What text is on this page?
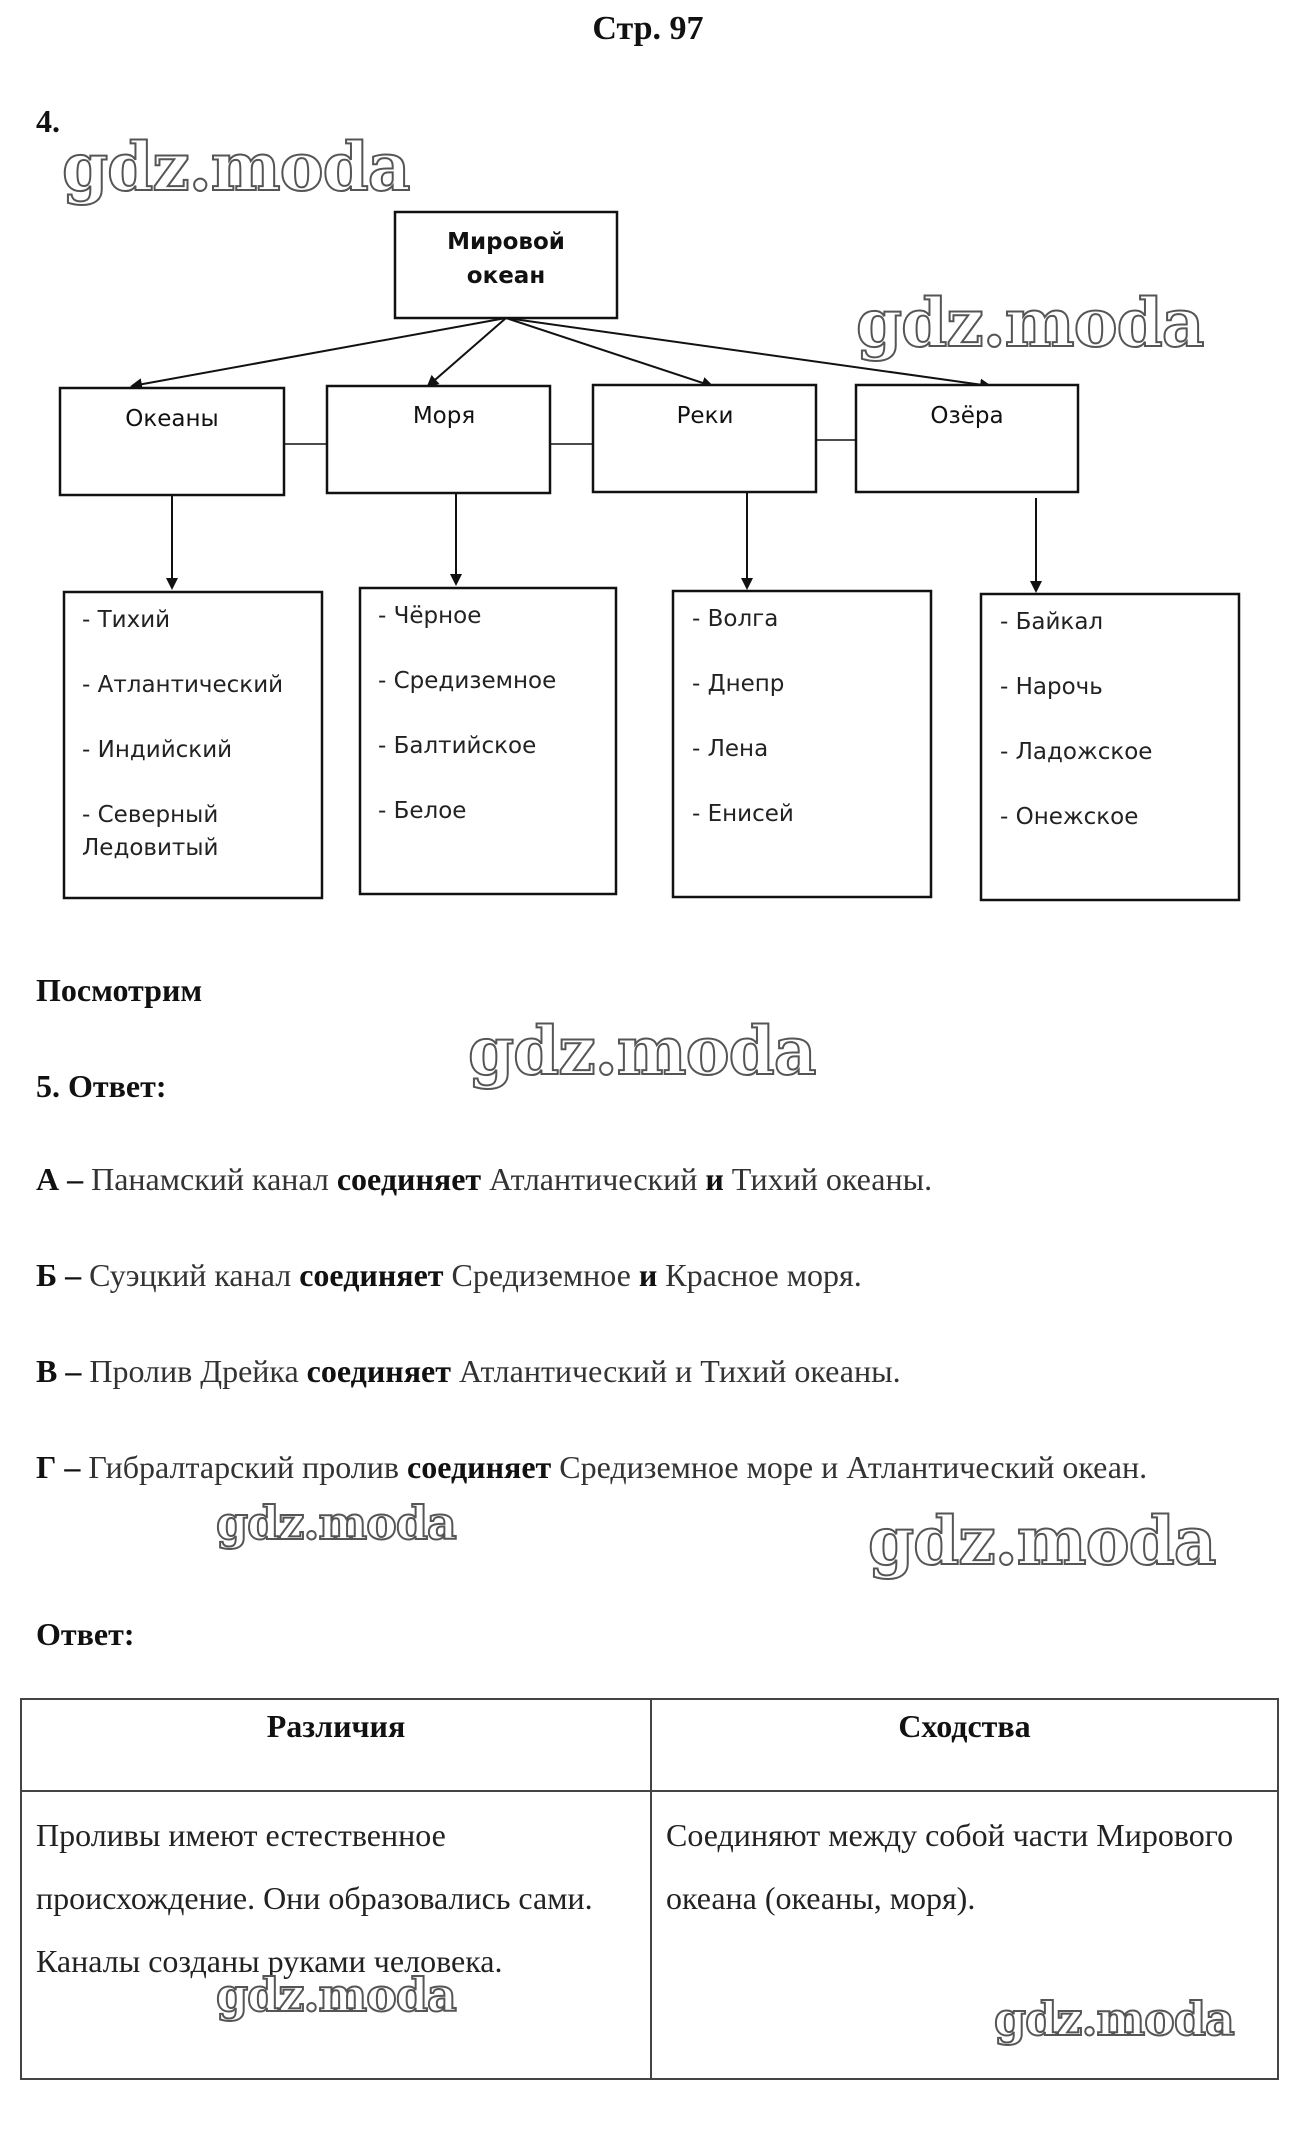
Стр. 97
4.
Мировой
океан
Океаны	Моря	Реки	Озёра
- Тихий
- Атлантический
- Индийский
- Северный Ледовитый
- Чёрное
- Средиземное
- Балтийское
- Белое
- Волга
- Днепр
- Лена
- Енисей
- Байкал
- Нарочь
- Ладожское
- Онежское
Посмотрим
5. Ответ:
А – Панамский канал соединяет Атлантический и Тихий океаны.
Б – Суэцкий канал соединяет Средиземное и Красное моря.
В – Пролив Дрейка соединяет Атлантический и Тихий океаны.
Г – Гибралтарский пролив соединяет Средиземное море и Атлантический океан.
Ответ:
Различия	Сходства
Проливы имеют естественное происхождение. Они образовались сами. Каналы созданы руками человека.	Соединяют между собой части Мирового океана (океаны, моря).
gdz.moda
gdz.moda
gdz.moda
gdz.moda	gdz.moda
gdz.moda	gdz.moda
